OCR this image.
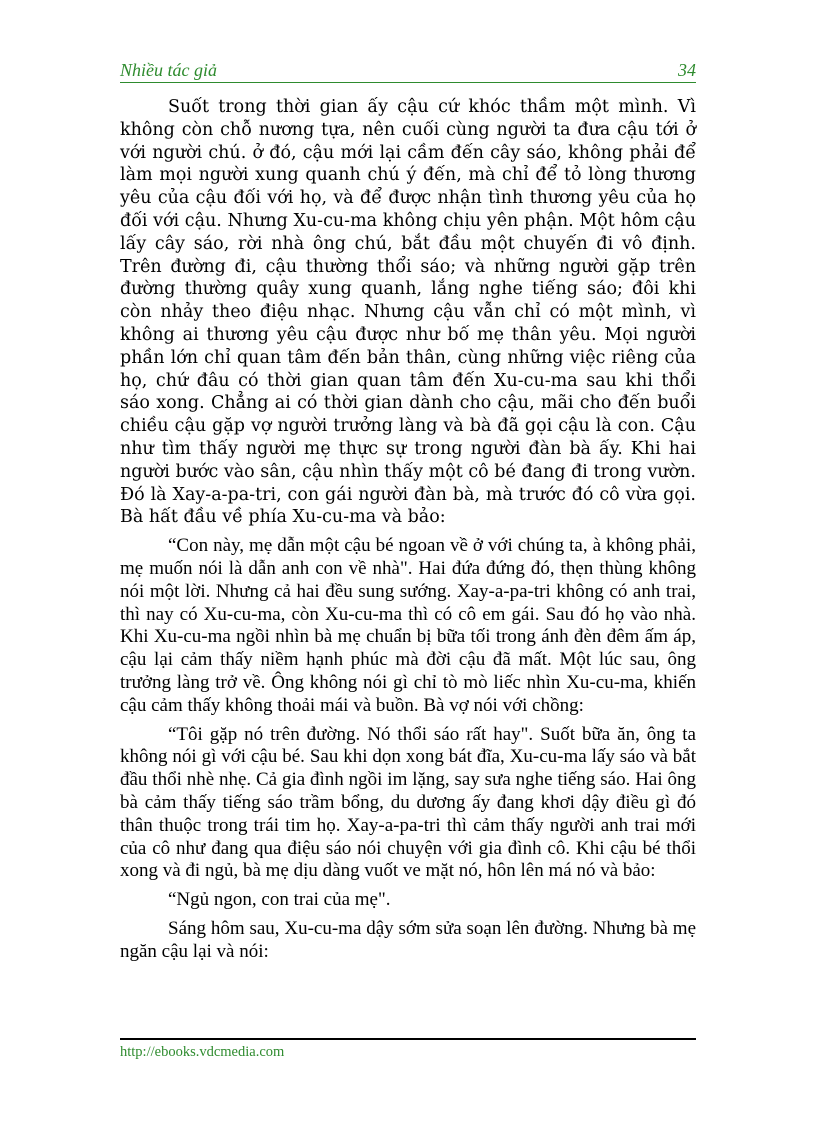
Nhiều tác giả	34

Suốt trong thời gian ấy cậu cứ khóc thầm một mình. Vì không còn chỗ nương tựa, nên cuối cùng người ta đưa cậu tới ở với người chú. ở đó, cậu mới lại cầm đến cây sáo, không phải để làm mọi người xung quanh chú ý đến, mà chỉ để tỏ lòng thương yêu của cậu đối với họ, và để được nhận tình thương yêu của họ đối với cậu. Nhưng Xu-cu-ma không chịu yên phận. Một hôm cậu lấy cây sáo, rời nhà ông chú, bắt đầu một chuyến đi vô định. Trên đường đi, cậu thường thổi sáo; và những người gặp trên đường thường quây xung quanh, lắng nghe tiếng sáo; đôi khi còn nhảy theo điệu nhạc. Nhưng cậu vẫn chỉ có một mình, vì không ai thương yêu cậu được như bố mẹ thân yêu. Mọi người phần lớn chỉ quan tâm đến bản thân, cùng những việc riêng của họ, chứ đâu có thời gian quan tâm đến Xu-cu-ma sau khi thổi sáo xong. Chẳng ai có thời gian dành cho cậu, mãi cho đến buổi chiều cậu gặp vợ người trưởng làng và bà đã gọi cậu là con. Cậu như tìm thấy người mẹ thực sự trong người đàn bà ấy. Khi hai người bước vào sân, cậu nhìn thấy một cô bé đang đi trong vườn. Đó là Xay-a-pa-tri, con gái người đàn bà, mà trước đó cô vừa gọi. Bà hất đầu về phía Xu-cu-ma và bảo:

“Con này, mẹ dẫn một cậu bé ngoan về ở với chúng ta, à không phải, mẹ muốn nói là dẫn anh con về nhà". Hai đứa đứng đó, thẹn thùng không nói một lời. Nhưng cả hai đều sung sướng. Xay-a-pa-tri không có anh trai, thì nay có Xu-cu-ma, còn Xu-cu-ma thì có cô em gái. Sau đó họ vào nhà. Khi Xu-cu-ma ngồi nhìn bà mẹ chuẩn bị bữa tối trong ánh đèn đêm ấm áp, cậu lại cảm thấy niềm hạnh phúc mà đời cậu đã mất. Một lúc sau, ông trưởng làng trở về. Ông không nói gì chỉ tò mò liếc nhìn Xu-cu-ma, khiến cậu cảm thấy không thoải mái và buồn. Bà vợ nói với chồng:

“Tôi gặp nó trên đường. Nó thổi sáo rất hay". Suốt bữa ăn, ông ta không nói gì với cậu bé. Sau khi dọn xong bát đĩa, Xu-cu-ma lấy sáo và bắt đầu thổi nhè nhẹ. Cả gia đình ngồi im lặng, say sưa nghe tiếng sáo. Hai ông bà cảm thấy tiếng sáo trầm bổng, du dương ấy đang khơi dậy điều gì đó thân thuộc trong trái tim họ. Xay-a-pa-tri thì cảm thấy người anh trai mới của cô như đang qua điệu sáo nói chuyện với gia đình cô. Khi cậu bé thổi xong và đi ngủ, bà mẹ dịu dàng vuốt ve mặt nó, hôn lên má nó và bảo:

“Ngủ ngon, con trai của mẹ".

Sáng hôm sau, Xu-cu-ma dậy sớm sửa soạn lên đường. Nhưng bà mẹ ngăn cậu lại và nói:

http://ebooks.vdcmedia.com
